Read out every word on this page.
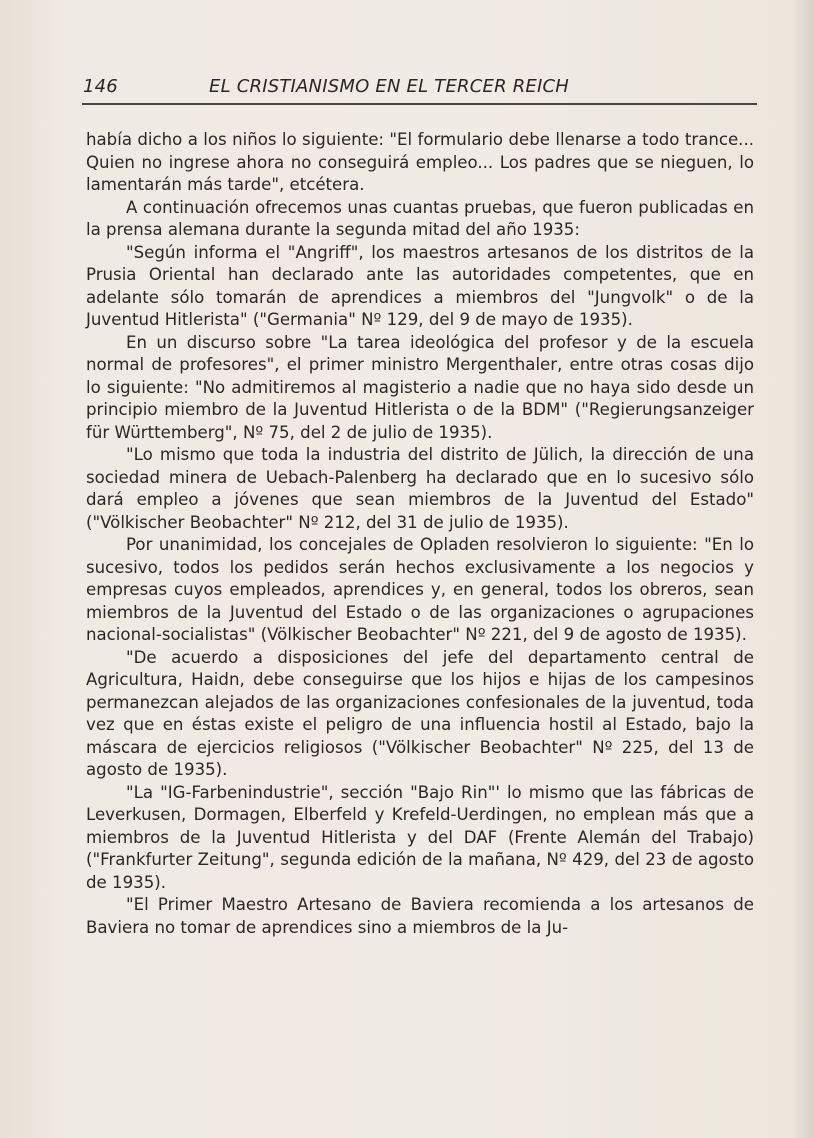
146	EL CRISTIANISMO EN EL TERCER REICH

había dicho a los niños lo siguiente: "El formulario debe llenarse a todo trance... Quien no ingrese ahora no conseguirá empleo... Los padres que se nieguen, lo lamentarán más tarde", etcétera.

A continuación ofrecemos unas cuantas pruebas, que fueron publicadas en la prensa alemana durante la segunda mitad del año 1935:

"Según informa el "Angriff", los maestros artesanos de los distritos de la Prusia Oriental han declarado ante las autoridades competentes, que en adelante sólo tomarán de aprendices a miembros del "Jungvolk" o de la Juventud Hitlerista" ("Germania" Nº 129, del 9 de mayo de 1935).

En un discurso sobre "La tarea ideológica del profesor y de la escuela normal de profesores", el primer ministro Mergenthaler, entre otras cosas dijo lo siguiente: "No admitiremos al magisterio a nadie que no haya sido desde un principio miembro de la Juventud Hitlerista o de la BDM" ("Regierungsanzeiger für Württemberg", Nº 75, del 2 de julio de 1935).

"Lo mismo que toda la industria del distrito de Jülich, la dirección de una sociedad minera de Uebach-Palenberg ha declarado que en lo sucesivo sólo dará empleo a jóvenes que sean miembros de la Juventud del Estado" ("Völkischer Beobachter" Nº 212, del 31 de julio de 1935).

Por unanimidad, los concejales de Opladen resolvieron lo siguiente: "En lo sucesivo, todos los pedidos serán hechos exclusivamente a los negocios y empresas cuyos empleados, aprendices y, en general, todos los obreros, sean miembros de la Juventud del Estado o de las organizaciones o agrupaciones nacional-socialistas" (Völkischer Beobachter" Nº 221, del 9 de agosto de 1935).

"De acuerdo a disposiciones del jefe del departamento central de Agricultura, Haidn, debe conseguirse que los hijos e hijas de los campesinos permanezcan alejados de las organizaciones confesionales de la juventud, toda vez que en éstas existe el peligro de una influencia hostil al Estado, bajo la máscara de ejercicios religiosos ("Völkischer Beobachter" Nº 225, del 13 de agosto de 1935).

"La "IG-Farbenindustrie", sección "Bajo Rin"' lo mismo que las fábricas de Leverkusen, Dormagen, Elberfeld y Krefeld-Uerdingen, no emplean más que a miembros de la Juventud Hitlerista y del DAF (Frente Alemán del Trabajo) ("Frankfurter Zeitung", segunda edición de la mañana, Nº 429, del 23 de agosto de 1935).

"El Primer Maestro Artesano de Baviera recomienda a los artesanos de Baviera no tomar de aprendices sino a miembros de la Ju-
